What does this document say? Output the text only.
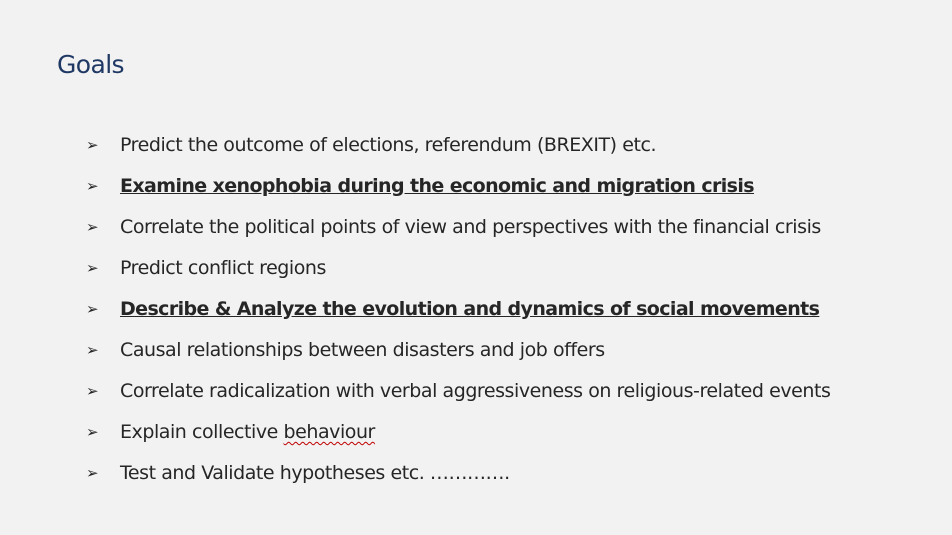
Goals
➢	Predict the outcome of elections, referendum (BREXIT) etc.
➢	Examine xenophobia during the economic and migration crisis
➢	Correlate the political points of view and perspectives with the financial crisis
➢	Predict conflict regions
➢	Describe & Analyze the evolution and dynamics of social movements
➢	Causal relationships between disasters and job offers
➢	Correlate radicalization with verbal aggressiveness on religious-related events
➢	Explain collective behaviour
➢	Test and Validate hypotheses etc. ………….
